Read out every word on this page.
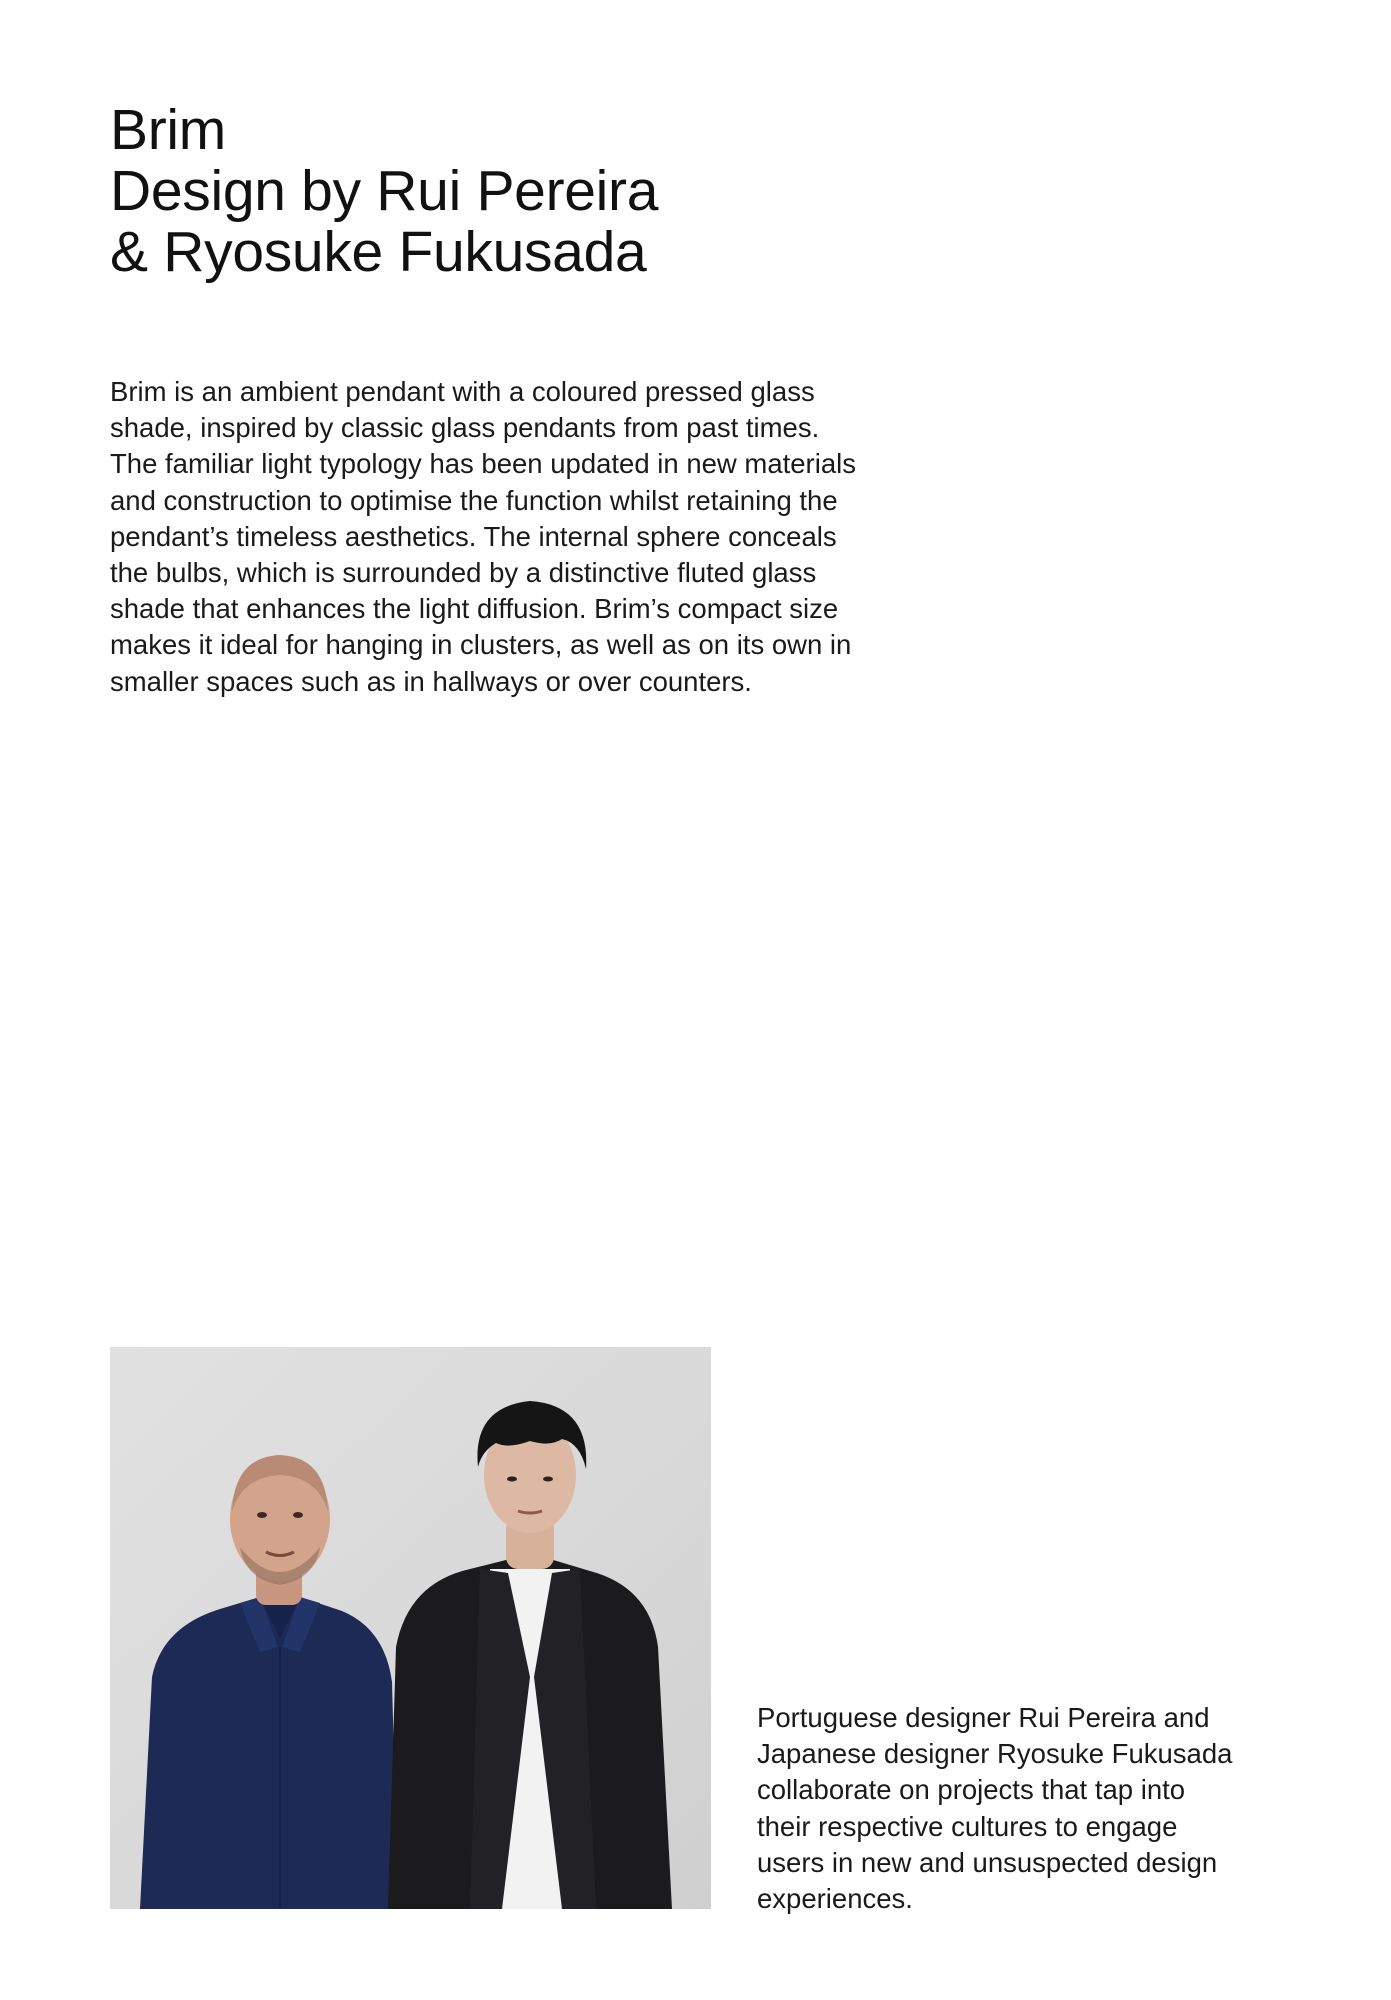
Brim
Design by Rui Pereira
& Ryosuke Fukusada

Brim is an ambient pendant with a coloured pressed glass
shade, inspired by classic glass pendants from past times.
The familiar light typology has been updated in new materials
and construction to optimise the function whilst retaining the
pendant’s timeless aesthetics. The internal sphere conceals
the bulbs, which is surrounded by a distinctive fluted glass
shade that enhances the light diffusion. Brim’s compact size
makes it ideal for hanging in clusters, as well as on its own in
smaller spaces such as in hallways or over counters.

Portuguese designer Rui Pereira and
Japanese designer Ryosuke Fukusada
collaborate on projects that tap into
their respective cultures to engage
users in new and unsuspected design
experiences.
